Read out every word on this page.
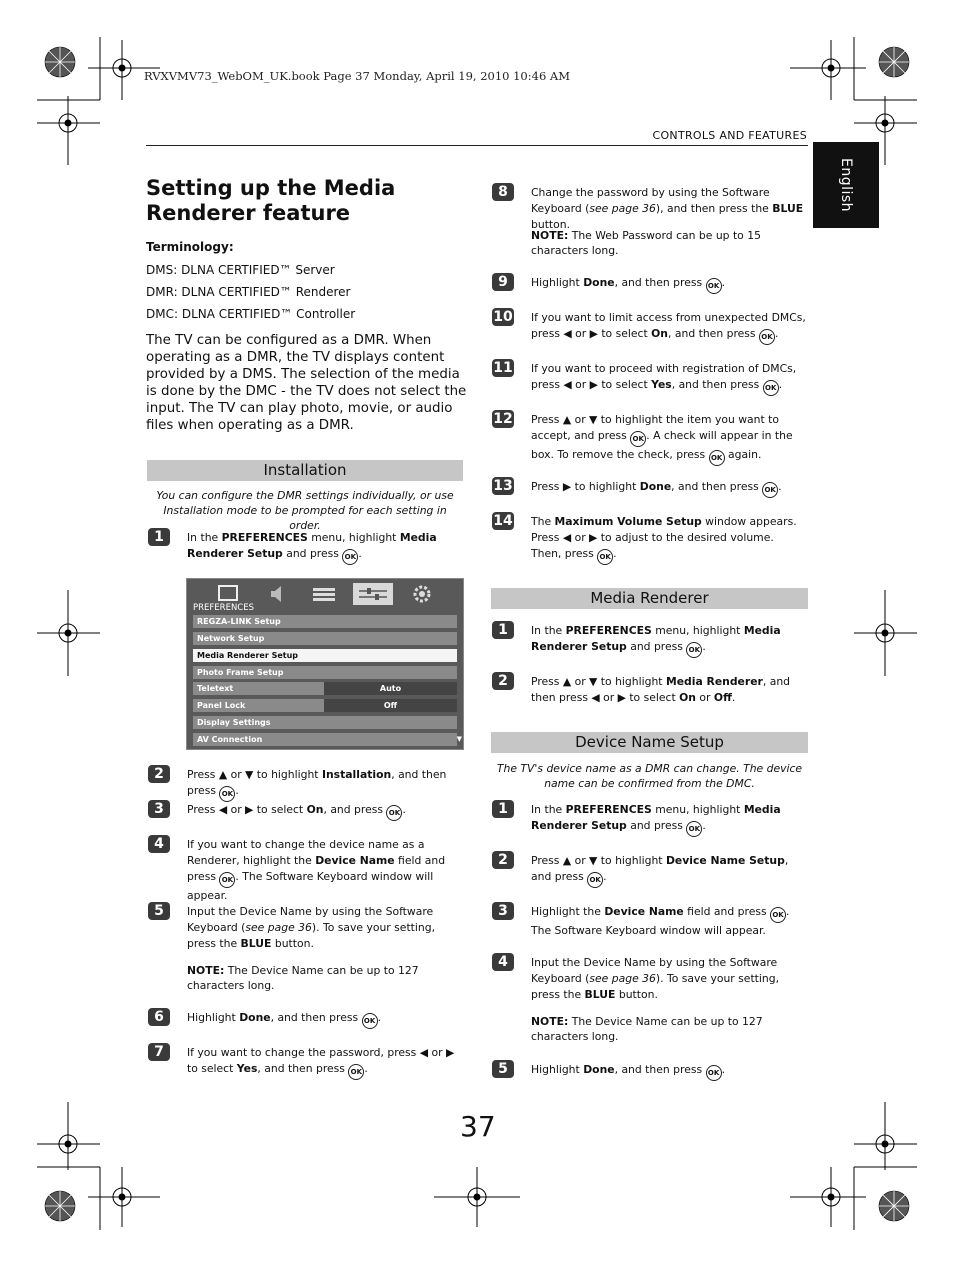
RVXVMV73_WebOM_UK.book Page 37 Monday, April 19, 2010 10:46 AM
CONTROLS AND FEATURES
English
Setting up the Media Renderer feature
Terminology:
DMS: DLNA CERTIFIED™ Server
DMR: DLNA CERTIFIED™ Renderer
DMC: DLNA CERTIFIED™ Controller
The TV can be configured as a DMR. When operating as a DMR, the TV displays content provided by a DMS. The selection of the media is done by the DMC - the TV does not select the input. The TV can play photo, movie, or audio files when operating as a DMR.
Installation
You can configure the DMR settings individually, or use Installation mode to be prompted for each setting in order.
1	In the PREFERENCES menu, highlight Media Renderer Setup and press OK .
PREFERENCES
REGZA-LINK Setup
Network Setup
Media Renderer Setup
Photo Frame Setup
Teletext	Auto
Panel Lock	Off
Display Settings
AV Connection	▼
2	Press ▲ or ▼ to highlight Installation, and then press OK .
3	Press ◀ or ▶ to select On, and press OK .
4	If you want to change the device name as a Renderer, highlight the Device Name field and press OK . The Software Keyboard window will appear.
5	Input the Device Name by using the Software Keyboard (see page 36). To save your setting, press the BLUE button.
NOTE: The Device Name can be up to 127 characters long.
6	Highlight Done, and then press OK .
7	If you want to change the password, press ◀ or ▶ to select Yes, and then press OK .
8	Change the password by using the Software Keyboard (see page 36), and then press the BLUE button.
NOTE: The Web Password can be up to 15 characters long.
9	Highlight Done, and then press OK .
10 If you want to limit access from unexpected DMCs, press ◀ or ▶ to select On, and then press OK .
11 If you want to proceed with registration of DMCs, press ◀ or ▶ to select Yes, and then press OK .
12 Press ▲ or ▼ to highlight the item you want to accept, and press OK . A check will appear in the box. To remove the check, press OK again.
13 Press ▶ to highlight Done, and then press OK .
14 The Maximum Volume Setup window appears. Press ◀ or ▶ to adjust to the desired volume. Then, press OK .
Media Renderer
1	In the PREFERENCES menu, highlight Media Renderer Setup and press OK .
2	Press ▲ or ▼ to highlight Media Renderer, and then press ◀ or ▶ to select On or Off.
Device Name Setup
The TV's device name as a DMR can change. The device name can be confirmed from the DMC.
1	In the PREFERENCES menu, highlight Media Renderer Setup and press OK .
2	Press ▲ or ▼ to highlight Device Name Setup, and press OK .
3	Highlight the Device Name field and press OK . The Software Keyboard window will appear.
4	Input the Device Name by using the Software Keyboard (see page 36). To save your setting, press the BLUE button.
NOTE: The Device Name can be up to 127 characters long.
5	Highlight Done, and then press OK .
37
